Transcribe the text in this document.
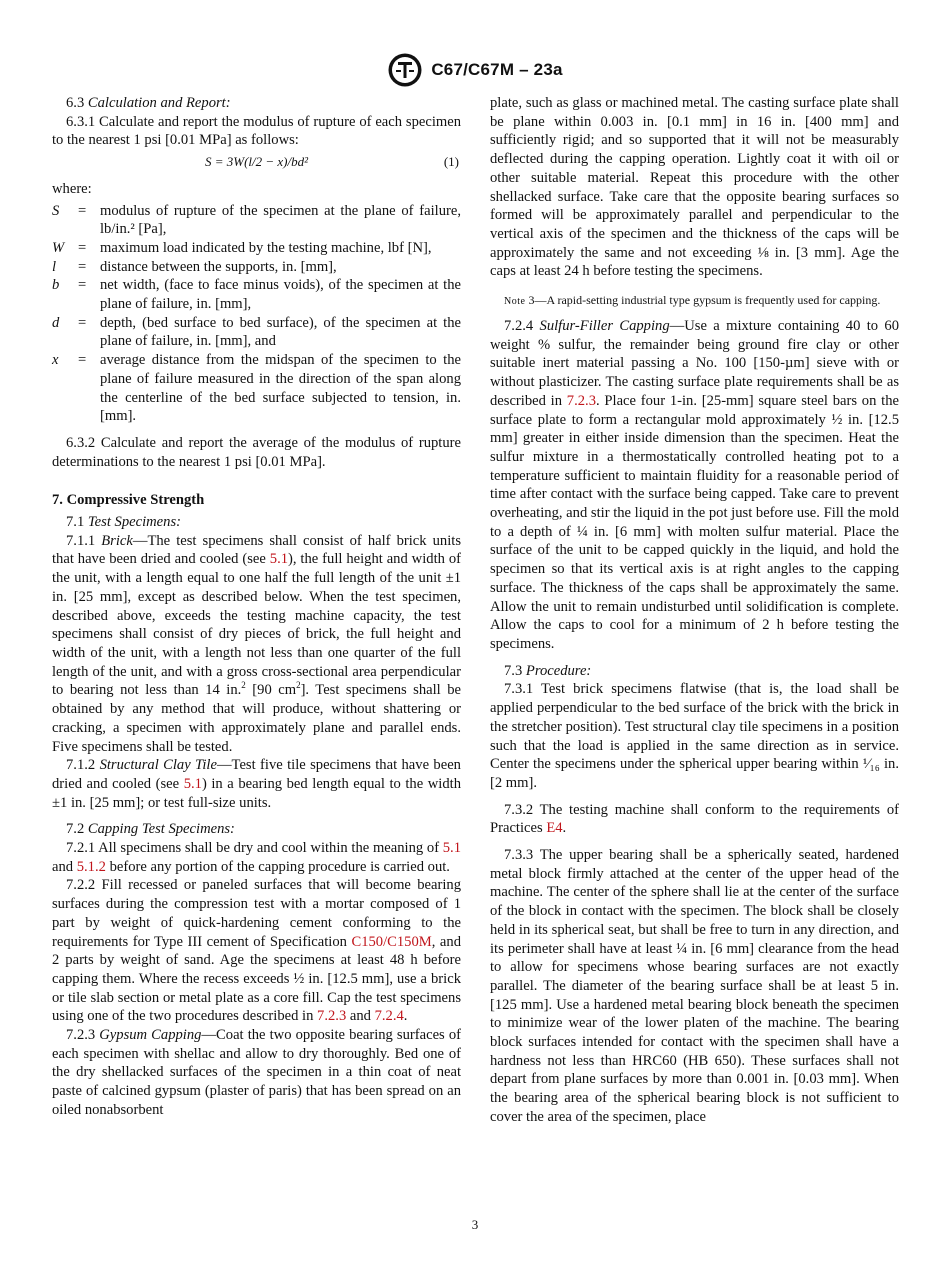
C67/C67M – 23a

6.3 Calculation and Report:

6.3.1 Calculate and report the modulus of rupture of each specimen to the nearest 1 psi [0.01 MPa] as follows:

S = 3W(l/2 − x)/bd²	(1)

where:

S	= modulus of rupture of the specimen at the plane of failure, lb/in.² [Pa],
W = maximum load indicated by the testing machine, lbf [N],
l	= distance between the supports, in. [mm],
b	= net width, (face to face minus voids), of the specimen at the plane of failure, in. [mm],
d	= depth, (bed surface to bed surface), of the specimen at the plane of failure, in. [mm], and
x	= average distance from the midspan of the specimen to the plane of failure measured in the direction of the span along the centerline of the bed surface subjected to tension, in. [mm].

6.3.2 Calculate and report the average of the modulus of rupture determinations to the nearest 1 psi [0.01 MPa].

7. Compressive Strength

7.1 Test Specimens:

7.1.1 Brick—The test specimens shall consist of half brick units that have been dried and cooled (see 5.1), the full height and width of the unit, with a length equal to one half the full length of the unit ±1 in. [25 mm], except as described below. When the test specimen, described above, exceeds the testing machine capacity, the test specimens shall consist of dry pieces of brick, the full height and width of the unit, with a length not less than one quarter of the full length of the unit, and with a gross cross-sectional area perpendicular to bearing not less than 14 in.$^2$ [90 $cm^2$]. Test specimens shall be obtained by any method that will produce, without shattering or cracking, a specimen with approximately plane and parallel ends. Five specimens shall be tested.

7.1.2 Structural Clay Tile—Test five tile specimens that have been dried and cooled (see 5.1) in a bearing bed length equal to the width ±1 in. [25 mm]; or test full-size units.

7.2 Capping Test Specimens:

7.2.1 All specimens shall be dry and cool within the meaning of 5.1 and 5.1.2 before any portion of the capping procedure is carried out.

7.2.2 Fill recessed or paneled surfaces that will become bearing surfaces during the compression test with a mortar composed of 1 part by weight of quick-hardening cement conforming to the requirements for Type III cement of Specification C150/C150M, and 2 parts by weight of sand. Age the specimens at least 48 h before capping them. Where the recess exceeds ½ in. [12.5 mm], use a brick or tile slab section or metal plate as a core fill. Cap the test specimens using one of the two procedures described in 7.2.3 and 7.2.4.

7.2.3 Gypsum Capping—Coat the two opposite bearing surfaces of each specimen with shellac and allow to dry thoroughly. Bed one of the dry shellacked surfaces of the specimen in a thin coat of neat paste of calcined gypsum (plaster of paris) that has been spread on an oiled nonabsorbent

plate, such as glass or machined metal. The casting surface plate shall be plane within 0.003 in. [0.1 mm] in 16 in. [400 mm] and sufficiently rigid; and so supported that it will not be measurably deflected during the capping operation. Lightly coat it with oil or other suitable material. Repeat this procedure with the other shellacked surface. Take care that the opposite bearing surfaces so formed will be approximately parallel and perpendicular to the vertical axis of the specimen and the thickness of the caps will be approximately the same and not exceeding ⅛ in. [3 mm]. Age the caps at least 24 h before testing the specimens.

Note 3—A rapid-setting industrial type gypsum is frequently used for capping.

7.2.4 Sulfur-Filler Capping—Use a mixture containing 40 to 60 weight % sulfur, the remainder being ground fire clay or other suitable inert material passing a No. 100 [150-µm] sieve with or without plasticizer. The casting surface plate requirements shall be as described in 7.2.3. Place four 1-in. [25-mm] square steel bars on the surface plate to form a rectangular mold approximately ½ in. [12.5 mm] greater in either inside dimension than the specimen. Heat the sulfur mixture in a thermostatically controlled heating pot to a temperature sufficient to maintain fluidity for a reasonable period of time after contact with the surface being capped. Take care to prevent overheating, and stir the liquid in the pot just before use. Fill the mold to a depth of ¼ in. [6 mm] with molten sulfur material. Place the surface of the unit to be capped quickly in the liquid, and hold the specimen so that its vertical axis is at right angles to the capping surface. The thickness of the caps shall be approximately the same. Allow the unit to remain undisturbed until solidification is complete. Allow the caps to cool for a minimum of 2 h before testing the specimens.

7.3 Procedure:

7.3.1 Test brick specimens flatwise (that is, the load shall be applied perpendicular to the bed surface of the brick with the brick in the stretcher position). Test structural clay tile specimens in a position such that the load is applied in the same direction as in service. Center the specimens under the spherical upper bearing within ¹⁄₁₆ in. [2 mm].

7.3.2 The testing machine shall conform to the requirements of Practices E4.

7.3.3 The upper bearing shall be a spherically seated, hardened metal block firmly attached at the center of the upper head of the machine. The center of the sphere shall lie at the center of the surface of the block in contact with the specimen. The block shall be closely held in its spherical seat, but shall be free to turn in any direction, and its perimeter shall have at least ¼ in. [6 mm] clearance from the head to allow for specimens whose bearing surfaces are not exactly parallel. The diameter of the bearing surface shall be at least 5 in. [125 mm]. Use a hardened metal bearing block beneath the specimen to minimize wear of the lower platen of the machine. The bearing block surfaces intended for contact with the specimen shall have a hardness not less than HRC60 (HB 650). These surfaces shall not depart from plane surfaces by more than 0.001 in. [0.03 mm]. When the bearing area of the spherical bearing block is not sufficient to cover the area of the specimen, place

3
